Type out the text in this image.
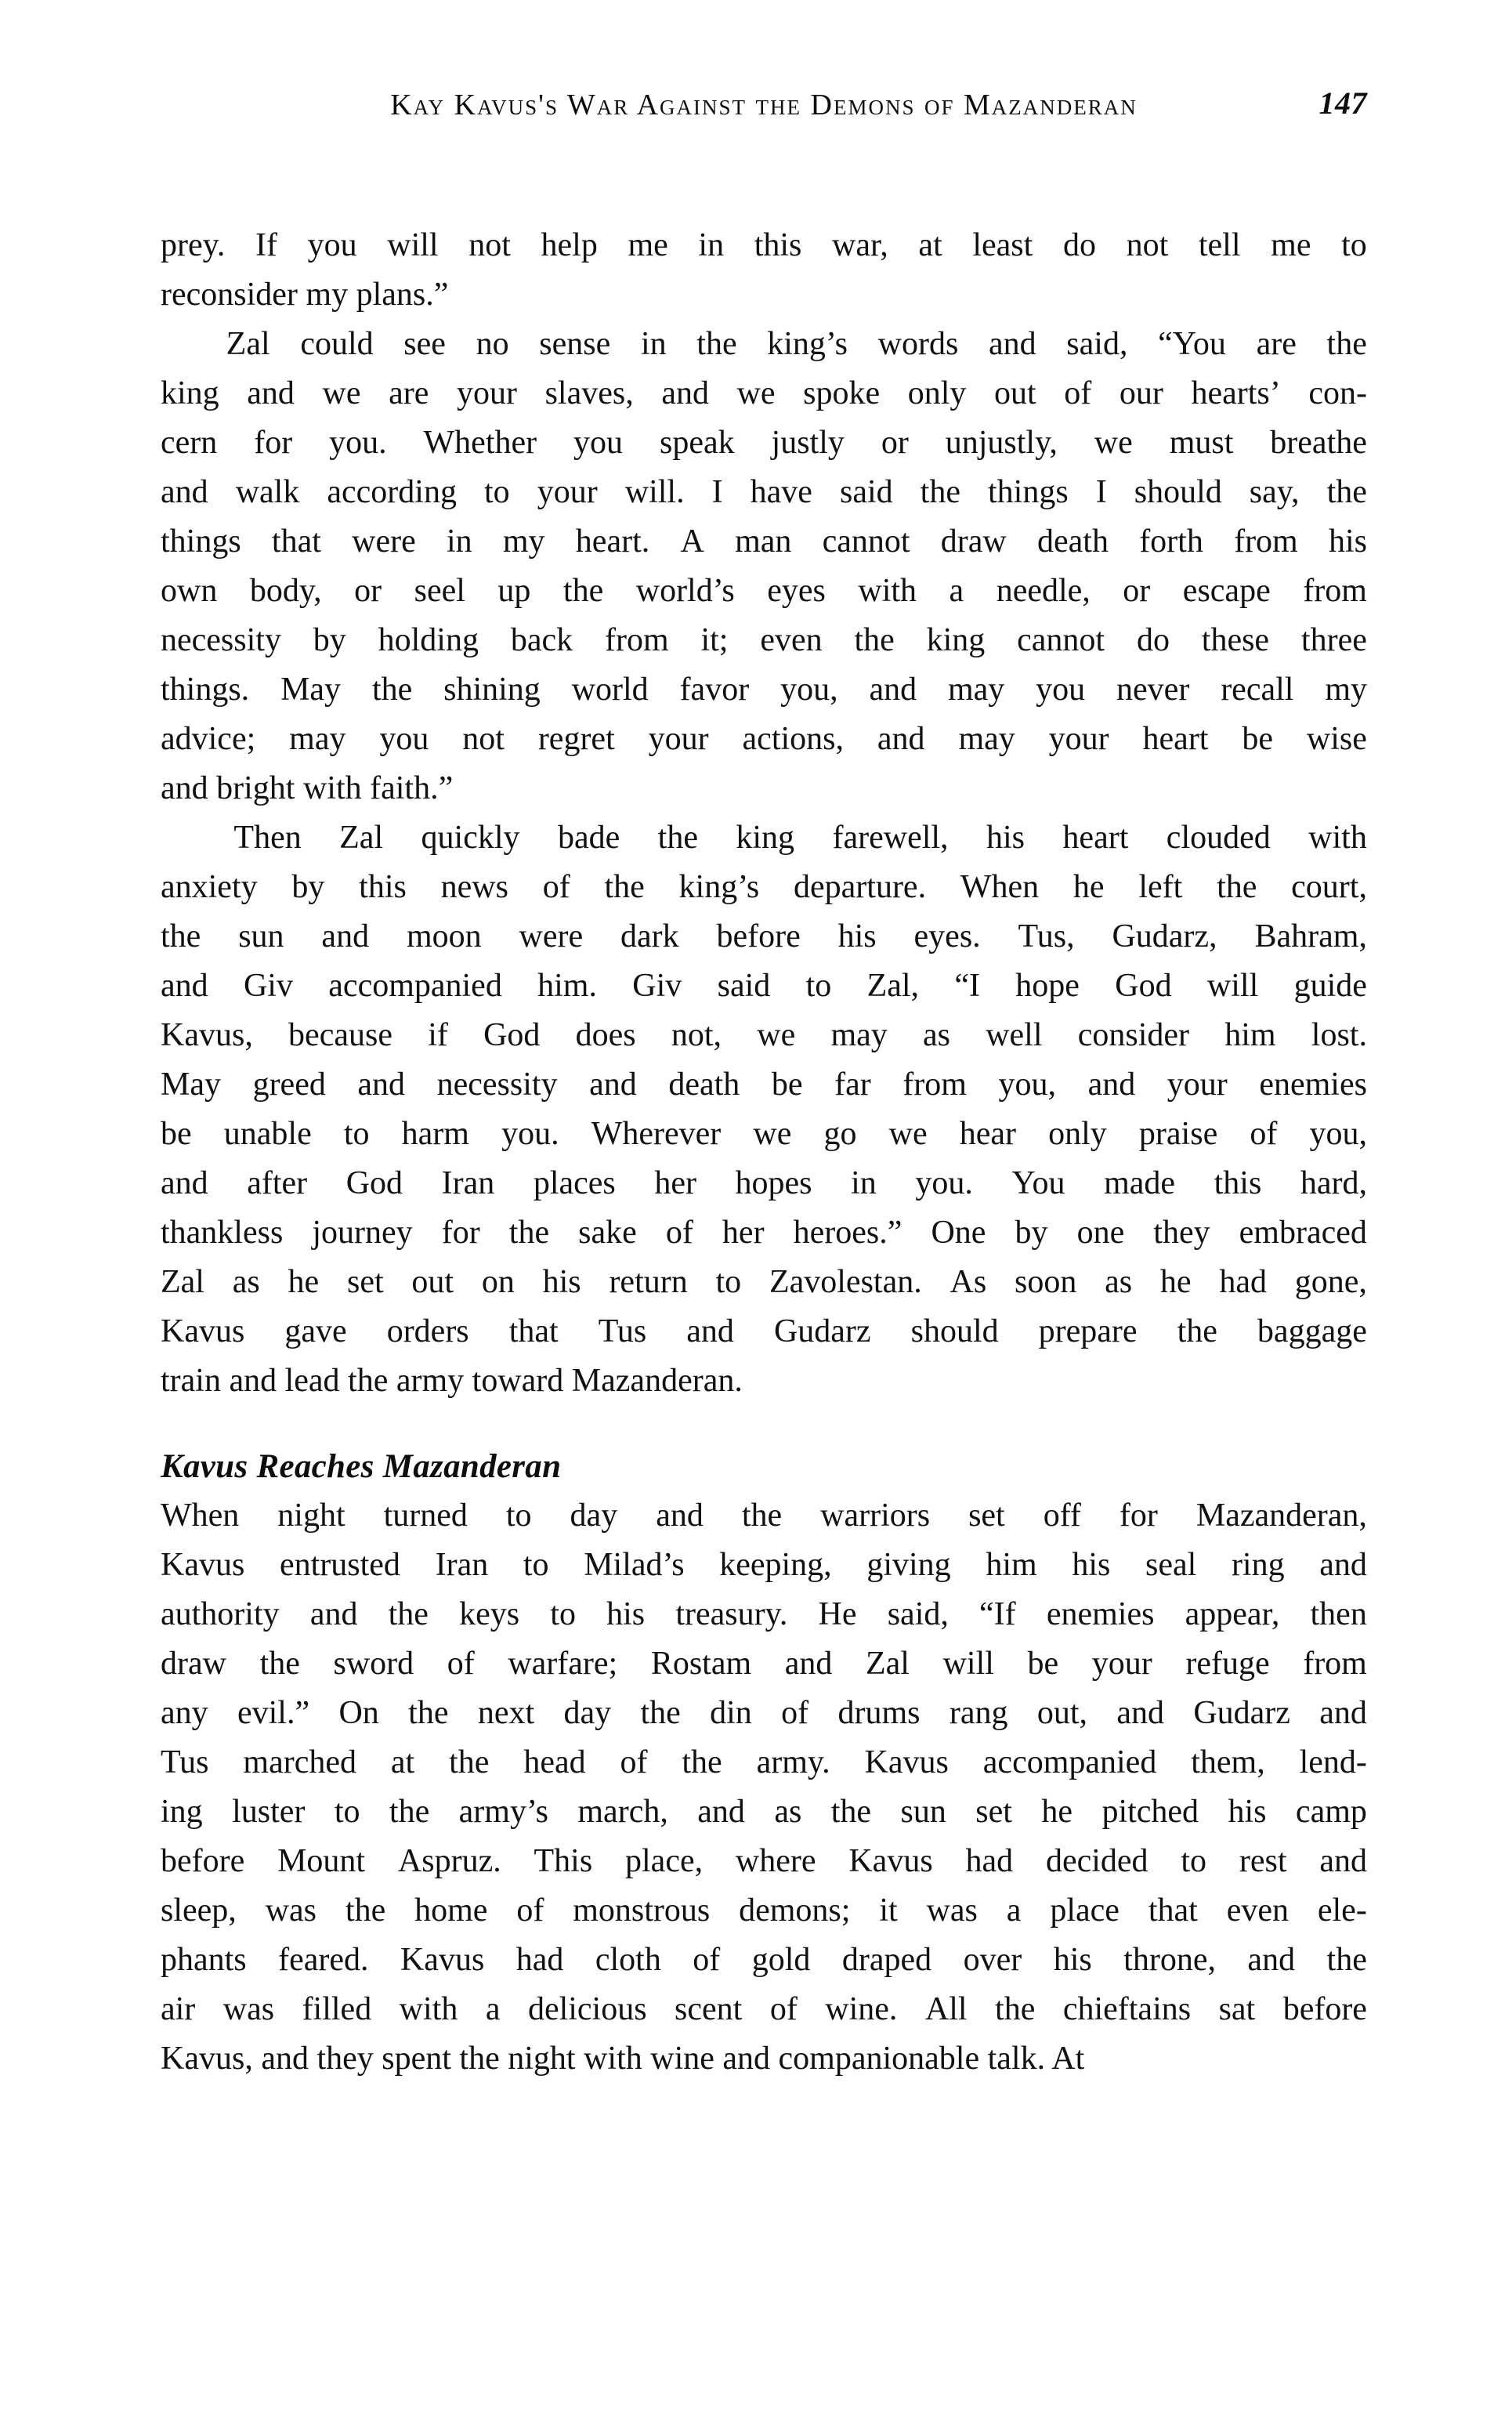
Kay Kavus's War Against the Demons of Mazanderan	147
prey. If you will not help me in this war, at least do not tell me to
reconsider my plans.”
Zal could see no sense in the king’s words and said, “You are the
king and we are your slaves, and we spoke only out of our hearts’ con-
cern for you. Whether you speak justly or unjustly, we must breathe
and walk according to your will. I have said the things I should say, the
things that were in my heart. A man cannot draw death forth from his
own body, or seel up the world’s eyes with a needle, or escape from
necessity by holding back from it; even the king cannot do these three
things. May the shining world favor you, and may you never recall my
advice; may you not regret your actions, and may your heart be wise
and bright with faith.”
Then Zal quickly bade the king farewell, his heart clouded with
anxiety by this news of the king’s departure. When he left the court,
the sun and moon were dark before his eyes. Tus, Gudarz, Bahram,
and Giv accompanied him. Giv said to Zal, “I hope God will guide
Kavus, because if God does not, we may as well consider him lost.
May greed and necessity and death be far from you, and your enemies
be unable to harm you. Wherever we go we hear only praise of you,
and after God Iran places her hopes in you. You made this hard,
thankless journey for the sake of her heroes.” One by one they embraced
Zal as he set out on his return to Zavolestan. As soon as he had gone,
Kavus gave orders that Tus and Gudarz should prepare the baggage
train and lead the army toward Mazanderan.
Kavus Reaches Mazanderan
When night turned to day and the warriors set off for Mazanderan,
Kavus entrusted Iran to Milad’s keeping, giving him his seal ring and
authority and the keys to his treasury. He said, “If enemies appear, then
draw the sword of warfare; Rostam and Zal will be your refuge from
any evil.” On the next day the din of drums rang out, and Gudarz and
Tus marched at the head of the army. Kavus accompanied them, lend-
ing luster to the army’s march, and as the sun set he pitched his camp
before Mount Aspruz. This place, where Kavus had decided to rest and
sleep, was the home of monstrous demons; it was a place that even ele-
phants feared. Kavus had cloth of gold draped over his throne, and the
air was filled with a delicious scent of wine. All the chieftains sat before
Kavus, and they spent the night with wine and companionable talk. At
